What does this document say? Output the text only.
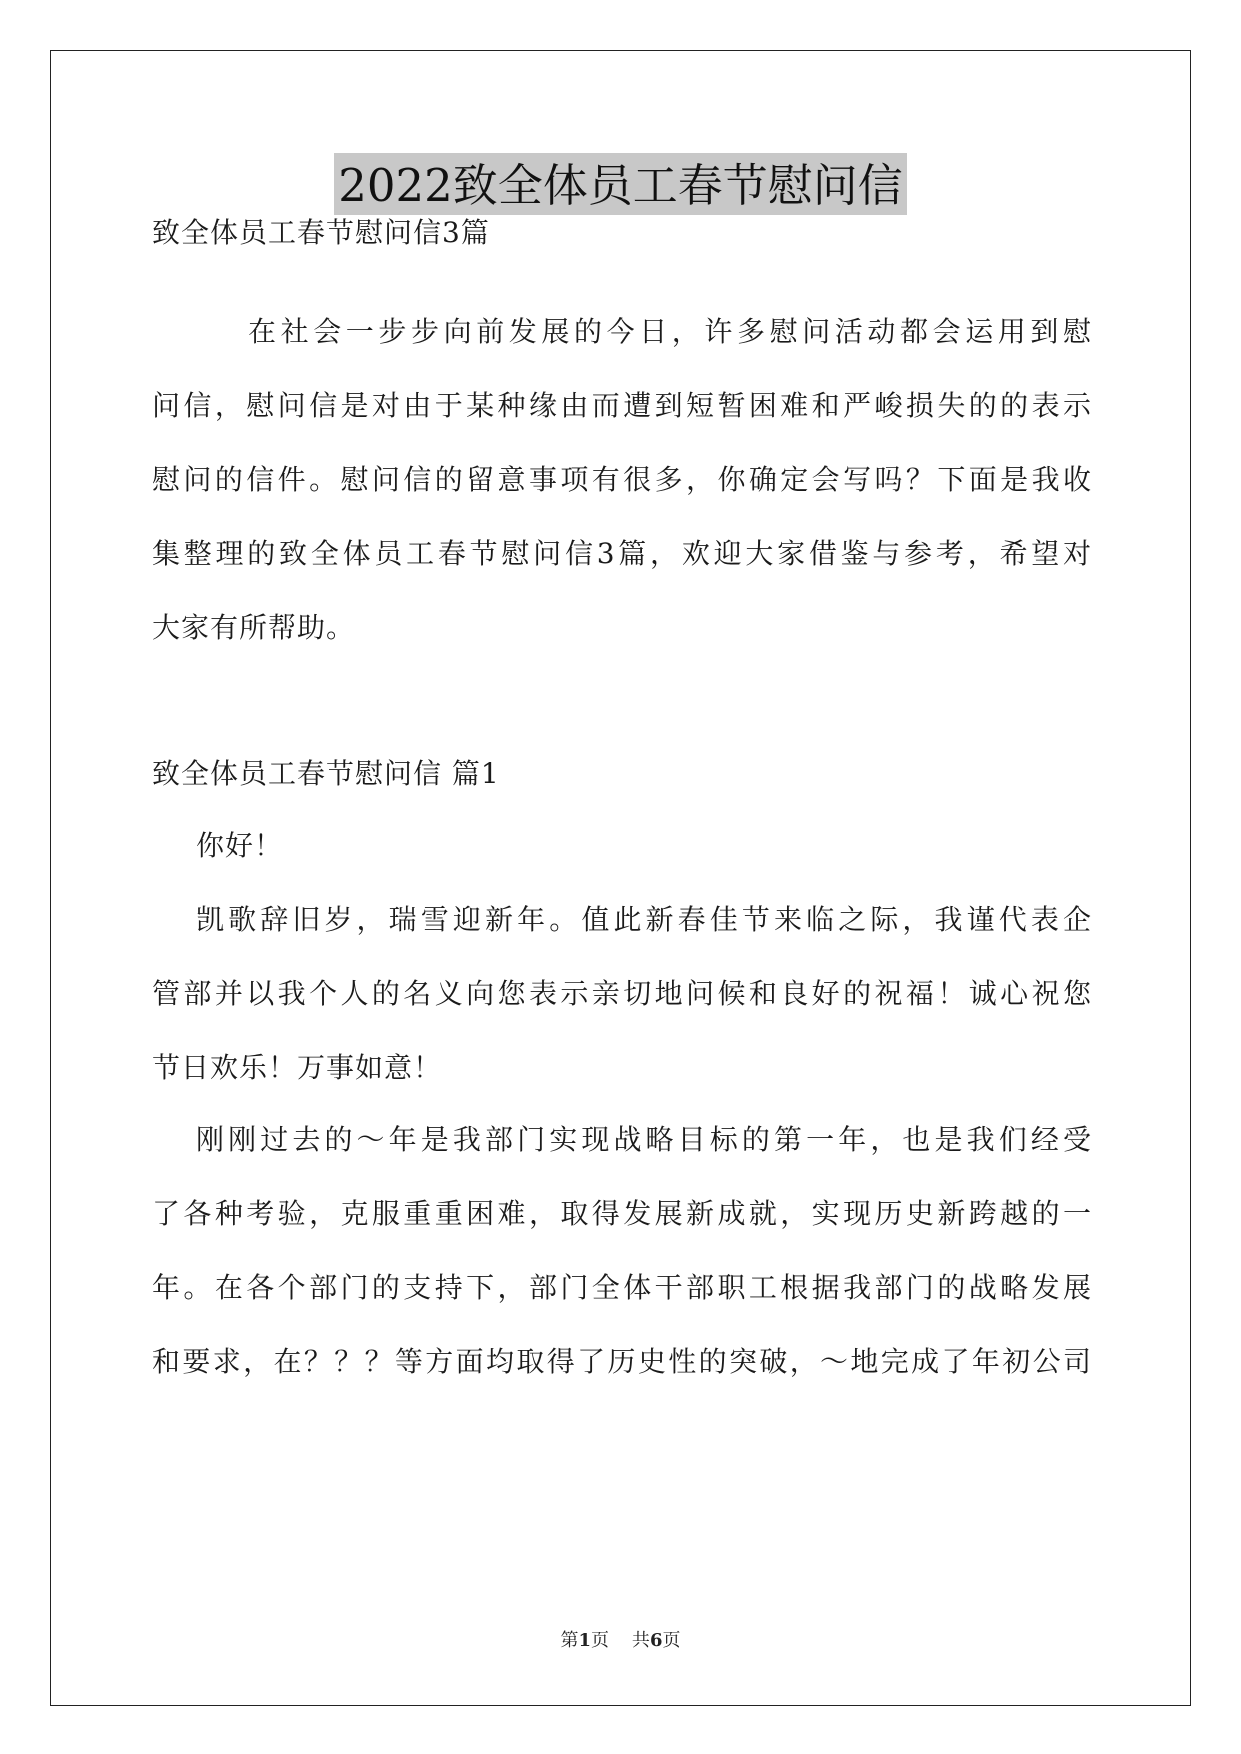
2022致全体员工春节慰问信
致全体员工春节慰问信3篇
在社会一步步向前发展的今日，许多慰问活动都会运用到慰
问信，慰问信是对由于某种缘由而遭到短暂困难和严峻损失的的表示
慰问的信件。慰问信的留意事项有很多，你确定会写吗？下面是我收
集整理的致全体员工春节慰问信3篇，欢迎大家借鉴与参考，希望对
大家有所帮助。
致全体员工春节慰问信 篇1
你好！
凯歌辞旧岁，瑞雪迎新年。值此新春佳节来临之际，我谨代表企
管部并以我个人的名义向您表示亲切地问候和良好的祝福！诚心祝您
节日欢乐！万事如意！
刚刚过去的～年是我部门实现战略目标的第一年，也是我们经受
了各种考验，克服重重困难，取得发展新成就，实现历史新跨越的一
年。在各个部门的支持下，部门全体干部职工根据我部门的战略发展
和要求，在？？？等方面均取得了历史性的突破，～地完成了年初公司
第1页    共6页
